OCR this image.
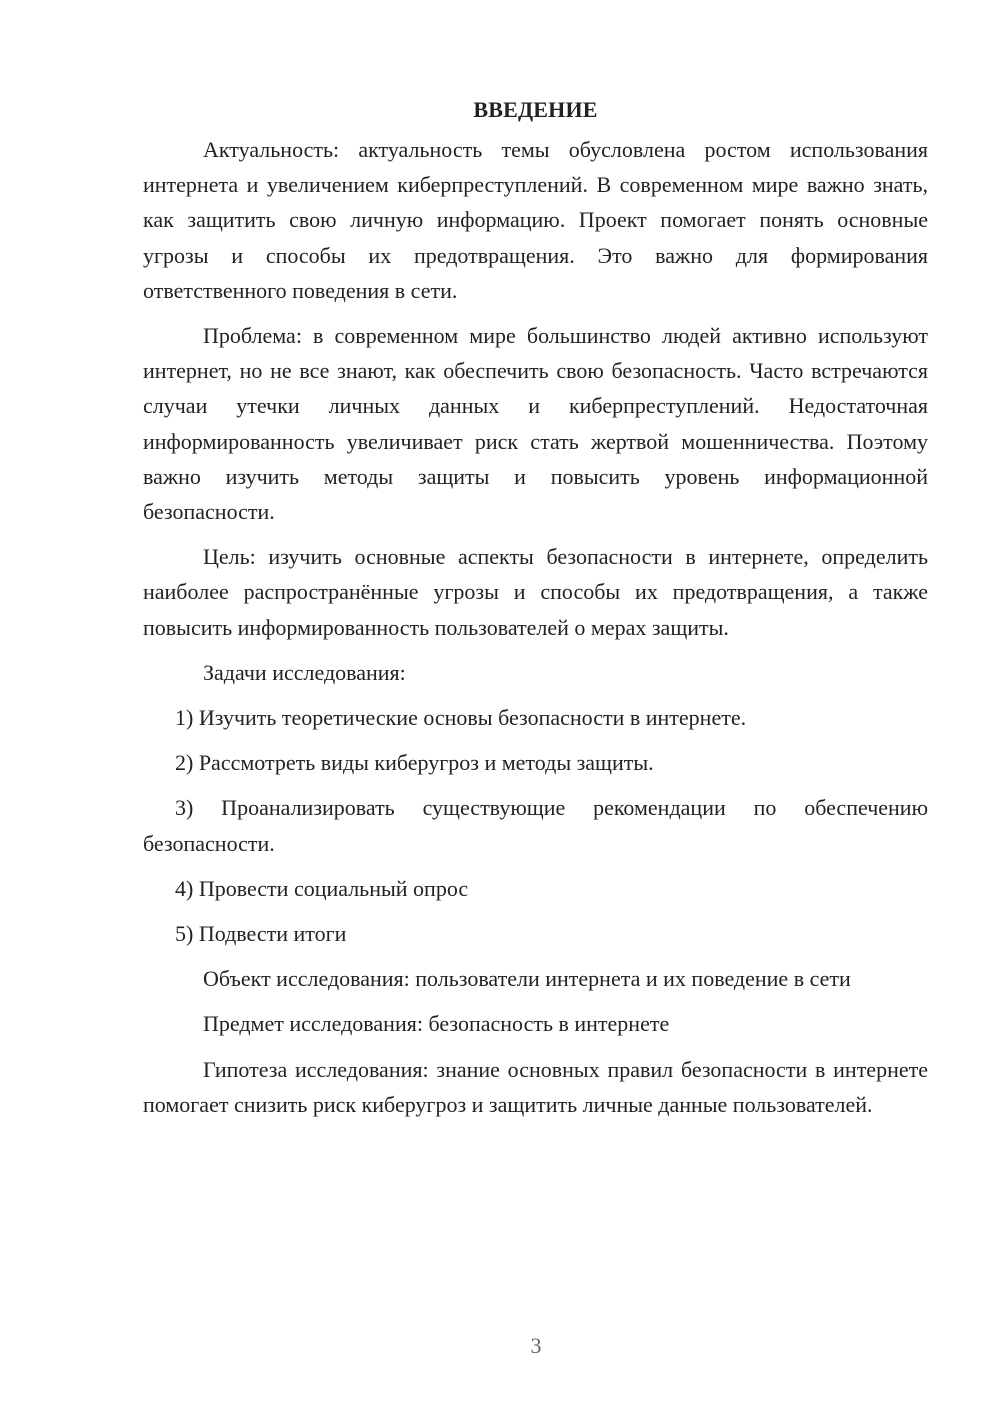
ВВЕДЕНИЕ

Актуальность: актуальность темы обусловлена ростом использования интернета и увеличением киберпреступлений. В современном мире важно знать, как защитить свою личную информацию. Проект помогает понять основные угрозы и способы их предотвращения. Это важно для формирования ответственного поведения в сети.

Проблема: в современном мире большинство людей активно используют интернет, но не все знают, как обеспечить свою безопасность. Часто встречаются случаи утечки личных данных и киберпреступлений. Недостаточная информированность увеличивает риск стать жертвой мошенничества. Поэтому важно изучить методы защиты и повысить уровень информационной безопасности.

Цель: изучить основные аспекты безопасности в интернете, определить наиболее распространённые угрозы и способы их предотвращения, а также повысить информированность пользователей о мерах защиты.

Задачи исследования:

1) Изучить теоретические основы безопасности в интернете.

2) Рассмотреть виды киберугроз и методы защиты.

3) Проанализировать существующие рекомендации по обеспечению безопасности.

4) Провести социальный опрос

5) Подвести итоги

Объект исследования: пользователи интернета и их поведение в сети

Предмет исследования: безопасность в интернете

Гипотеза исследования: знание основных правил безопасности в интернете помогает снизить риск киберугроз и защитить личные данные пользователей.

3
